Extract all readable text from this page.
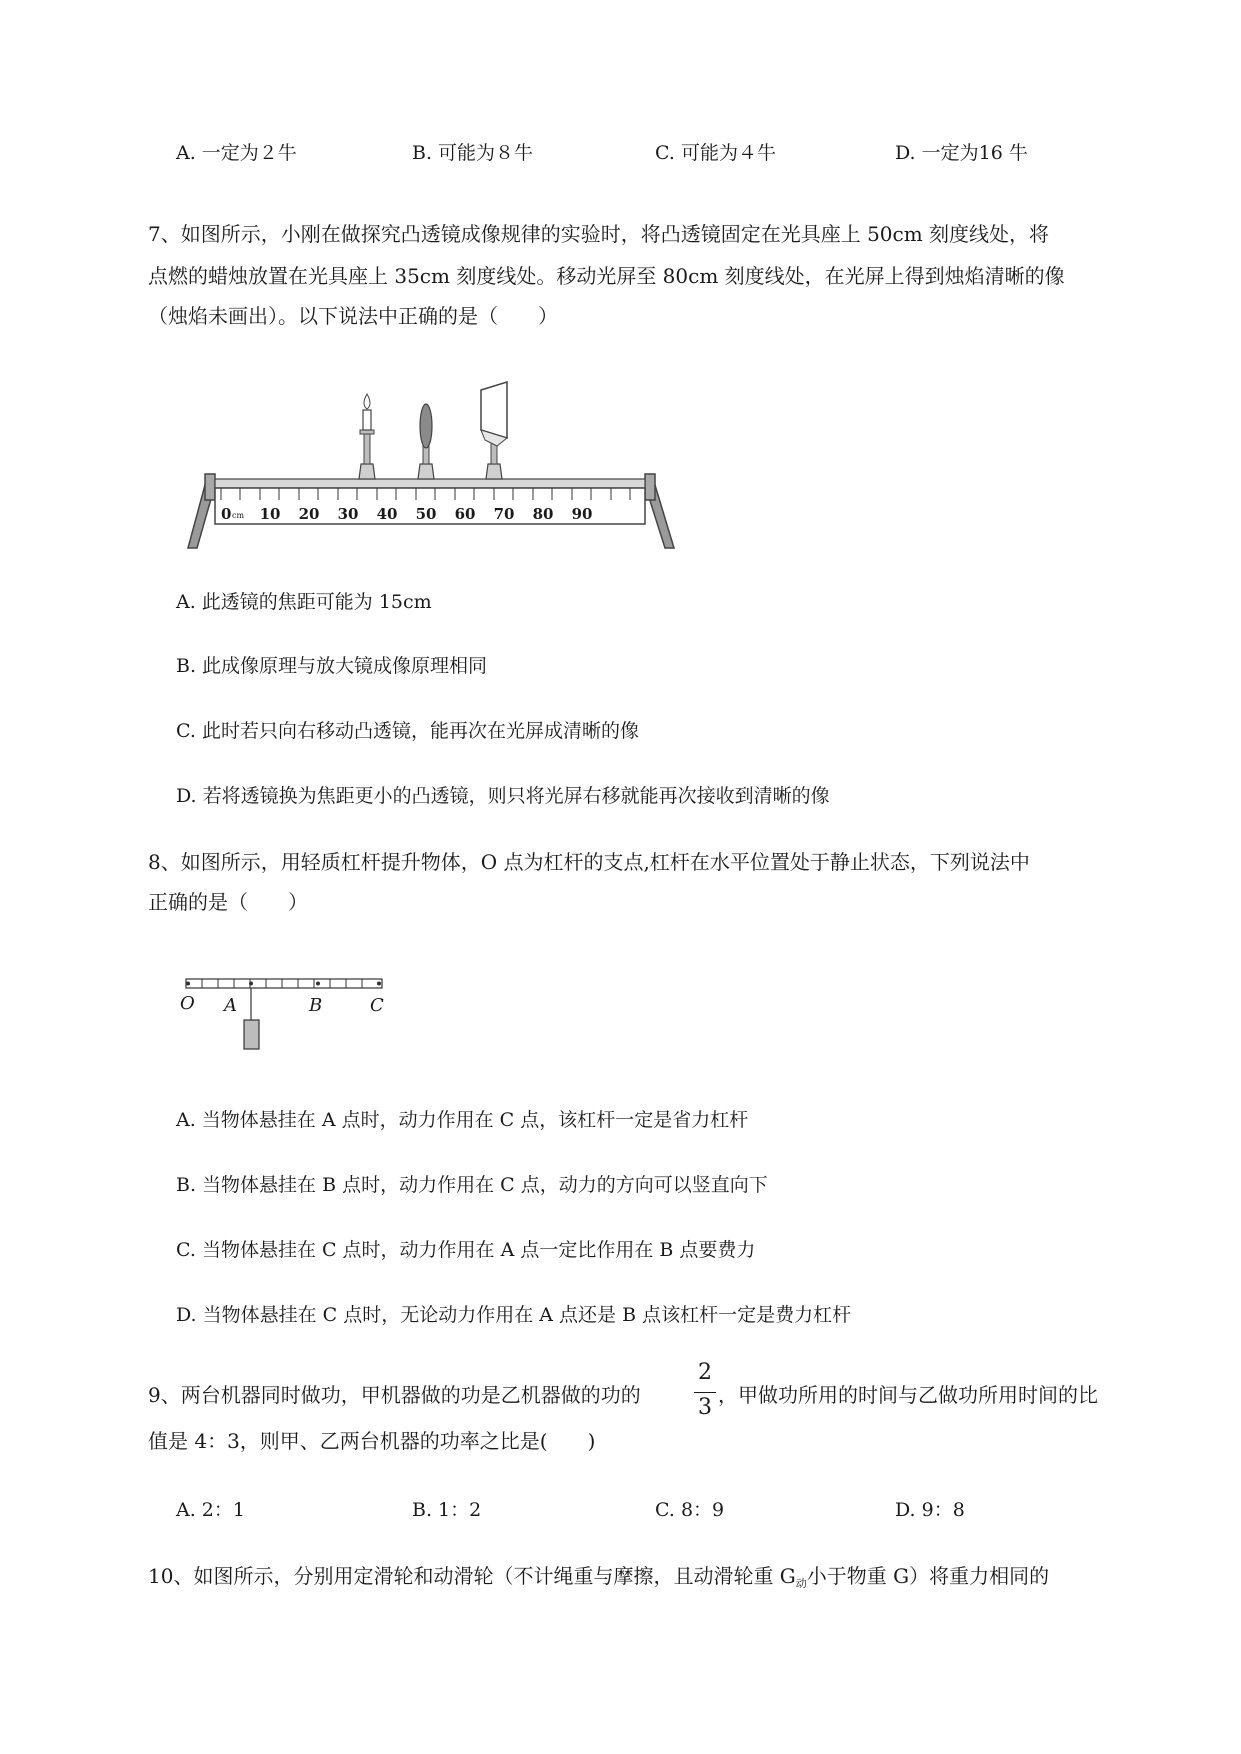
A. 一定为２牛	B. 可能为８牛	C. 可能为４牛	D. 一定为16 牛
7、如图所示，小刚在做探究凸透镜成像规律的实验时，将凸透镜固定在光具座上 50cm 刻度线处，将
点燃的蜡烛放置在光具座上 35cm 刻度线处。移动光屏至 80cm 刻度线处，在光屏上得到烛焰清晰的像
（烛焰未画出）。以下说法中正确的是（　　）
0 cm 10 20 30 40 50 60 70 80 90
A. 此透镜的焦距可能为 15cm
B. 此成像原理与放大镜成像原理相同
C. 此时若只向右移动凸透镜，能再次在光屏成清晰的像
D. 若将透镜换为焦距更小的凸透镜，则只将光屏右移就能再次接收到清晰的像
8、如图所示，用轻质杠杆提升物体，O 点为杠杆的支点,杠杆在水平位置处于静止状态，下列说法中
正确的是（　　）
O A	B	C
A. 当物体悬挂在 A 点时，动力作用在 C 点，该杠杆一定是省力杠杆
B. 当物体悬挂在 B 点时，动力作用在 C 点，动力的方向可以竖直向下
C. 当物体悬挂在 C 点时，动力作用在 A 点一定比作用在 B 点要费力
D. 当物体悬挂在 C 点时，无论动力作用在 A 点还是 B 点该杠杆一定是费力杠杆
9、两台机器同时做功，甲机器做的功是乙机器做的功的
2
3 ，甲做功所用的时间与乙做功所用时间的比
值是 4：3，则甲、乙两台机器的功率之比是(　　)
A. 2：1	B. 1：2	C. 8：9	D. 9：8
10、如图所示，分别用定滑轮和动滑轮（不计绳重与摩擦，且动滑轮重 $G_动$小于物重 G）将重力相同的
